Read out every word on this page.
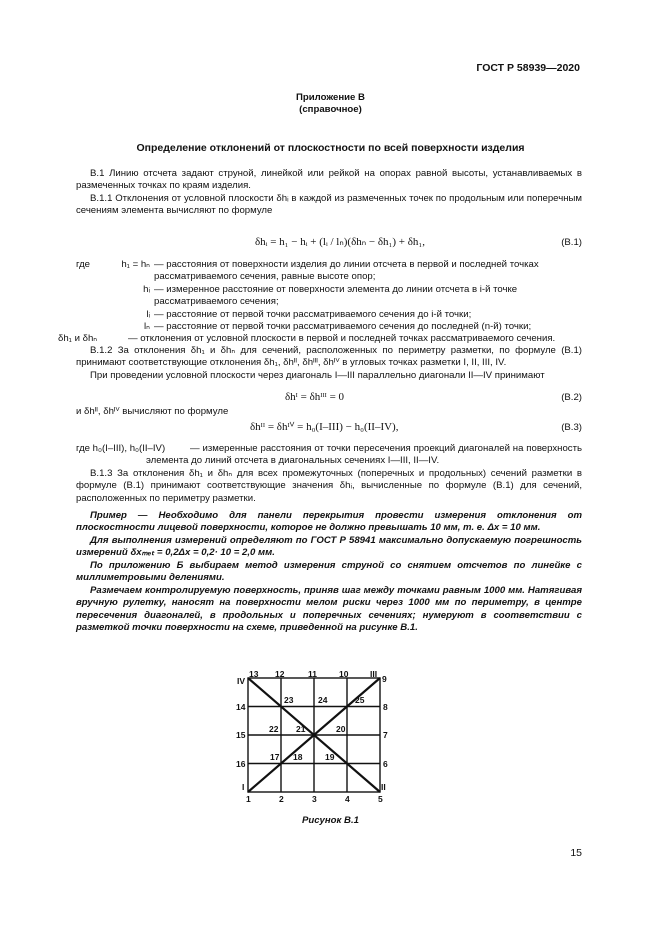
ГОСТ Р 58939—2020
Приложение В
(справочное)
Определение отклонений от плоскостности по всей поверхности изделия
В.1 Линию отсчета задают струной, линейкой или рейкой на опорах равной высоты, устанавливаемых в размеченных точках по краям изделия.
В.1.1 Отклонения от условной плоскости δhᵢ в каждой из размеченных точек по продольным или поперечным сечениям элемента вычисляют по формуле
δhᵢ = h₁ − hᵢ + (lᵢ / lₙ)(δhₙ − δh₁) + δh₁,	(В.1)
где	h₁ = hₙ — расстояния от поверхности изделия до линии отсчета в первой и последней точках рассматриваемого сечения, равные высоте опор;
hᵢ — измеренное расстояние от поверхности элемента до линии отсчета в i-й точке рассматриваемого сечения;
lᵢ — расстояние от первой точки рассматриваемого сечения до i-й точки;
lₙ — расстояние от первой точки рассматриваемого сечения до последней (n-й) точки;
δh₁ и δhₙ	— отклонения от условной плоскости в первой и последней точках рассматриваемого сечения.
В.1.2 За отклонения δh₁ и δhₙ для сечений, расположенных по периметру разметки, по формуле (В.1) принимают соответствующие отклонения δh₁, δhᴵᴵ, δhᴵᴵᴵ, δhᴵⱽ в угловых точках разметки I, II, III, IV.
При проведении условной плоскости через диагональ I—III параллельно диагонали II—IV принимают
δhᴵ = δhᴵᴵᴵ = 0	(В.2)
и δhᴵᴵ, δhᴵⱽ вычисляют по формуле
δhᴵᴵ = δhᴵⱽ = h₀(I–III) − h₀(II–IV),	(В.3)
где h₀(I–III), h₀(II–IV)	— измеренные расстояния от точки пересечения проекций диагоналей на поверхность элемента до линий отсчета в диагональных сечениях I—III, II—IV.
В.1.3 За отклонения δh₁ и δhₙ для всех промежуточных (поперечных и продольных) сечений разметки в формуле (В.1) принимают соответствующие значения δhᵢ, вычисленные по формуле (В.1) для сечений, расположенных по периметру разметки.
Пример — Необходимо для панели перекрытия провести измерения отклонения от плоскостности лицевой поверхности, которое не должно превышать 10 мм, т. е. Δx = 10 мм.
Для выполнения измерений определяют по ГОСТ Р 58941 максимально допускаемую погрешность измерений δxₘₑₜ = 0,2Δx = 0,2· 10 = 2,0 мм.
По приложению Б выбираем метод измерения струной со снятием отсчетов по линейке с миллиметровыми делениями.
Размечаем контролируемую поверхность, приняв шаг между точками равным 1000 мм. Натягивая вручную рулетку, наносят на поверхности мелом риски через 1000 мм по периметру, в центре пересечения диагоналей, в продольных и поперечных сечениях; нумеруют в соответствии с разметкой точки поверхности на схеме, приведенной на рисунке В.1.
IV
I	II
III
13 12	11	10	9
14
15
16
8
7
6
1	2	3	4	5
23	24	25
22 21	20
17 18	19
Рисунок В.1
15
